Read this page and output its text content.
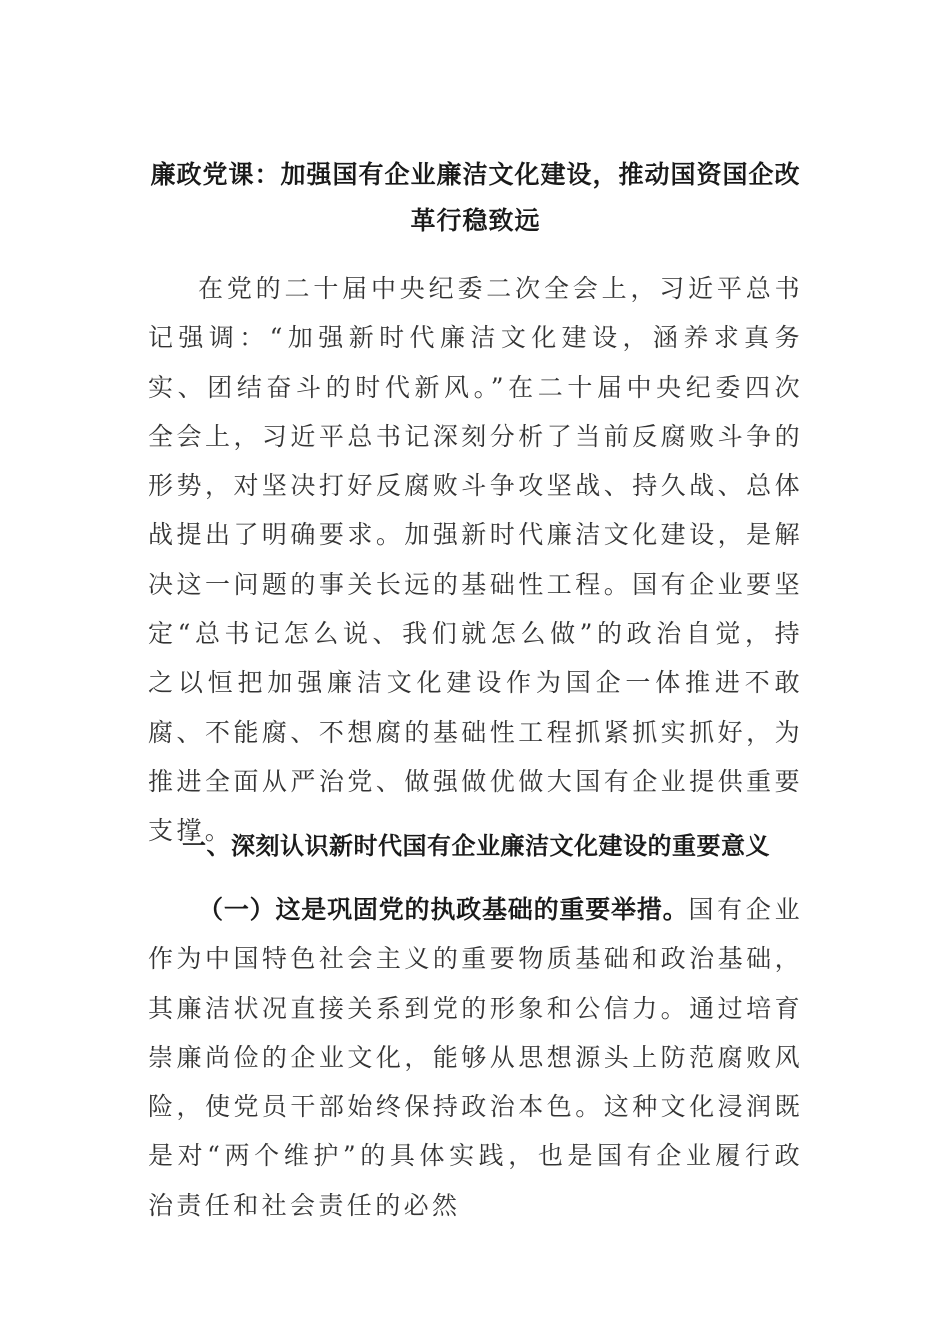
廉政党课：加强国有企业廉洁文化建设，推动国资国企改
革行稳致远
在党的二十届中央纪委二次全会上，习近平总书记强调：“加强新时代廉洁文化建设，涵养求真务实、团结奋斗的时代新风。”在二十届中央纪委四次全会上，习近平总书记深刻分析了当前反腐败斗争的形势，对坚决打好反腐败斗争攻坚战、持久战、总体战提出了明确要求。加强新时代廉洁文化建设，是解决这一问题的事关长远的基础性工程。国有企业要坚定“总书记怎么说、我们就怎么做”的政治自觉，持之以恒把加强廉洁文化建设作为国企一体推进不敢腐、不能腐、不想腐的基础性工程抓紧抓实抓好，为推进全面从严治党、做强做优做大国有企业提供重要支撑。
一、深刻认识新时代国有企业廉洁文化建设的重要意义
（一）这是巩固党的执政基础的重要举措。国有企业作为中国特色社会主义的重要物质基础和政治基础，其廉洁状况直接关系到党的形象和公信力。通过培育崇廉尚俭的企业文化，能够从思想源头上防范腐败风险，使党员干部始终保持政治本色。这种文化浸润既是对“两个维护”的具体实践，也是国有企业履行政治责任和社会责任的必然
